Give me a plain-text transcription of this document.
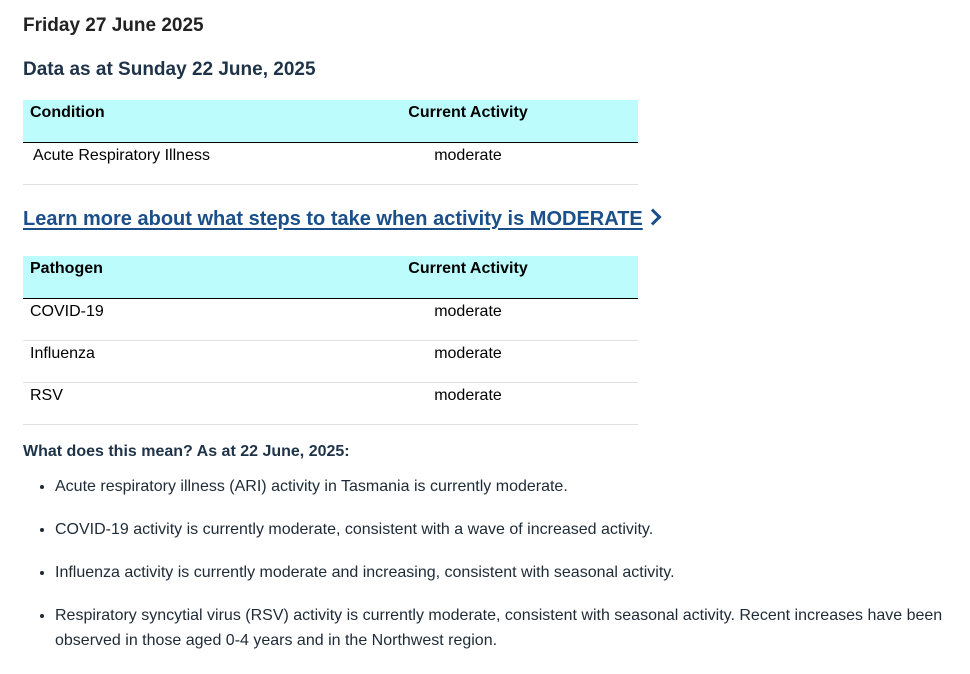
Friday 27 June 2025
Data as at Sunday 22 June, 2025
Condition	Current Activity
Acute Respiratory Illness	moderate
Learn more about what steps to take when activity is MODERATE
Pathogen	Current Activity
COVID-19	moderate
Influenza	moderate
RSV	moderate
What does this mean? As at 22 June, 2025:
• Acute respiratory illness (ARI) activity in Tasmania is currently moderate.
• COVID-19 activity is currently moderate, consistent with a wave of increased activity.
• Influenza activity is currently moderate and increasing, consistent with seasonal activity.
• Respiratory syncytial virus (RSV) activity is currently moderate, consistent with seasonal activity. Recent increases have been observed in those aged 0-4 years and in the Northwest region.
